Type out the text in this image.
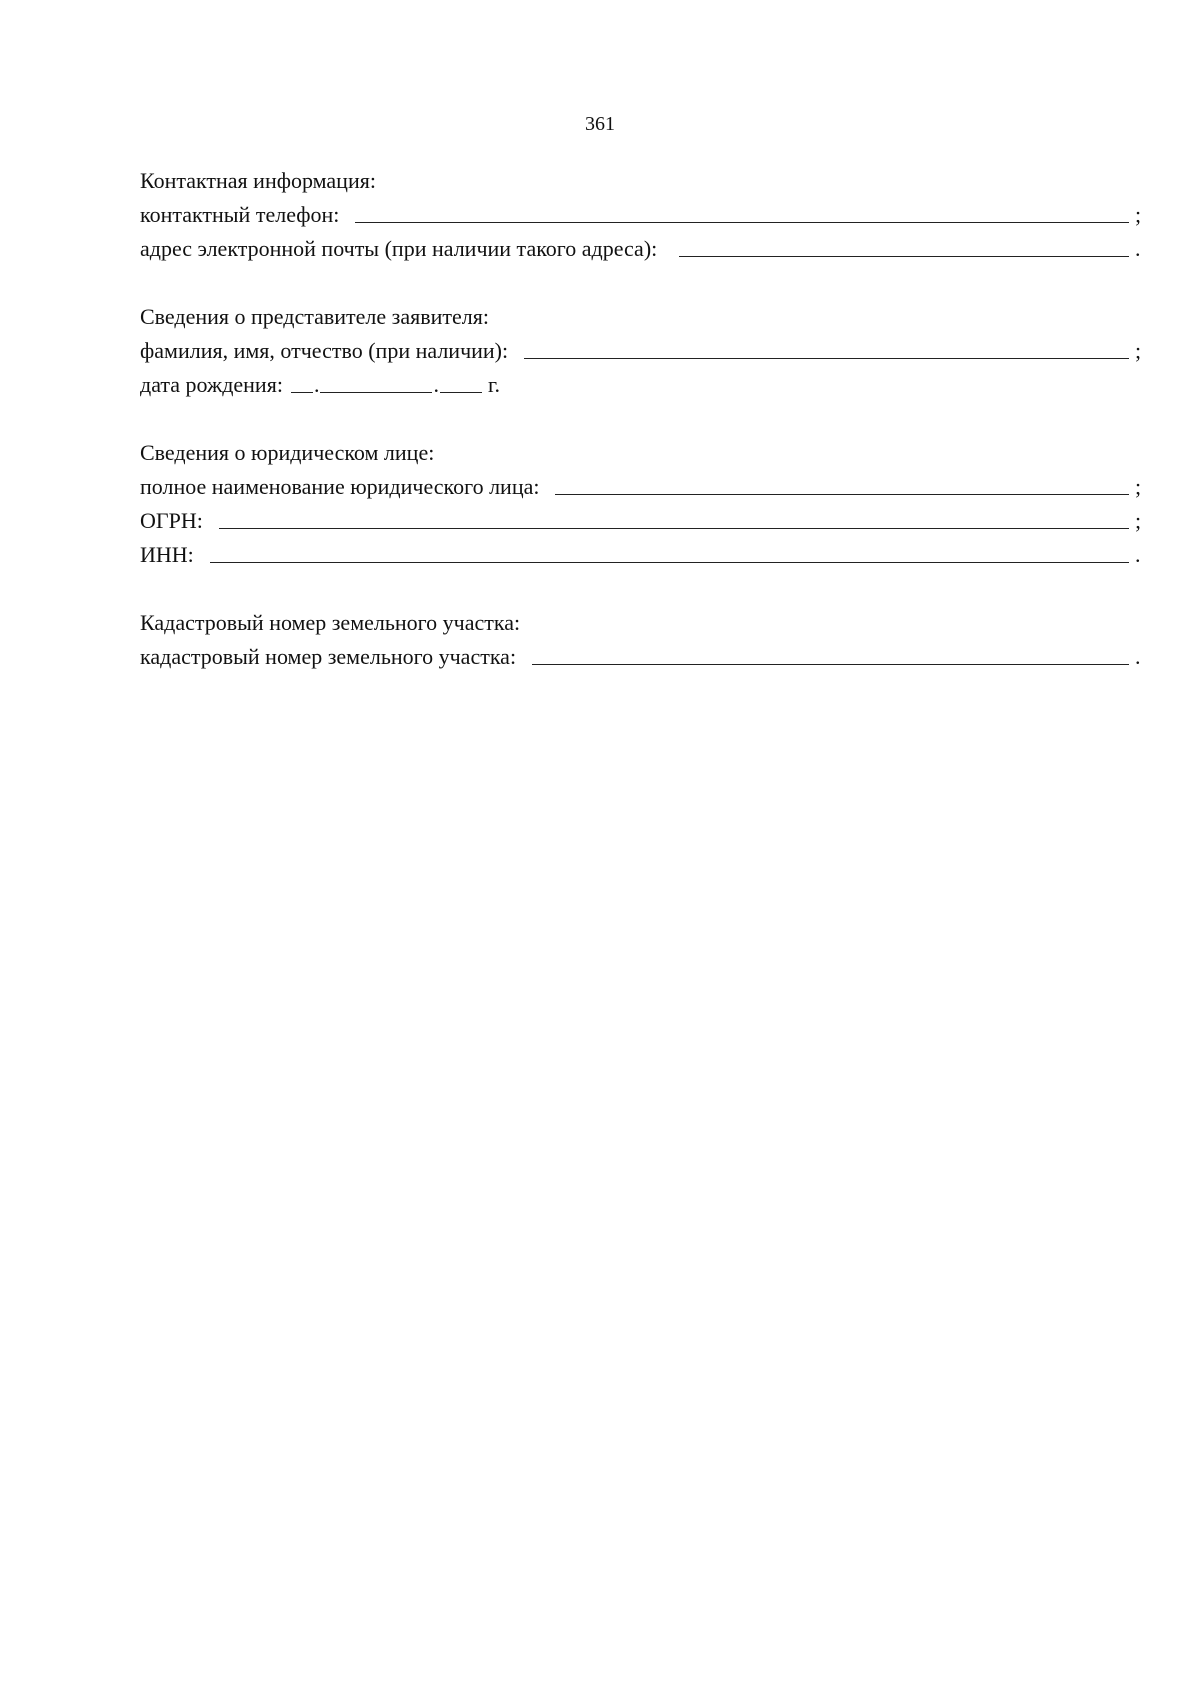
361
Контактная информация:
контактный телефон:	;
адрес электронной почты (при наличии такого адреса):	.
Сведения о представителе заявителя:
фамилия, имя, отчество (при наличии):	;
дата рождения: .	. г.
Сведения о юридическом лице:
полное наименование юридического лица:	;
ОГРН:	;
ИНН:	.
Кадастровый номер земельного участка:
кадастровый номер земельного участка:	.
